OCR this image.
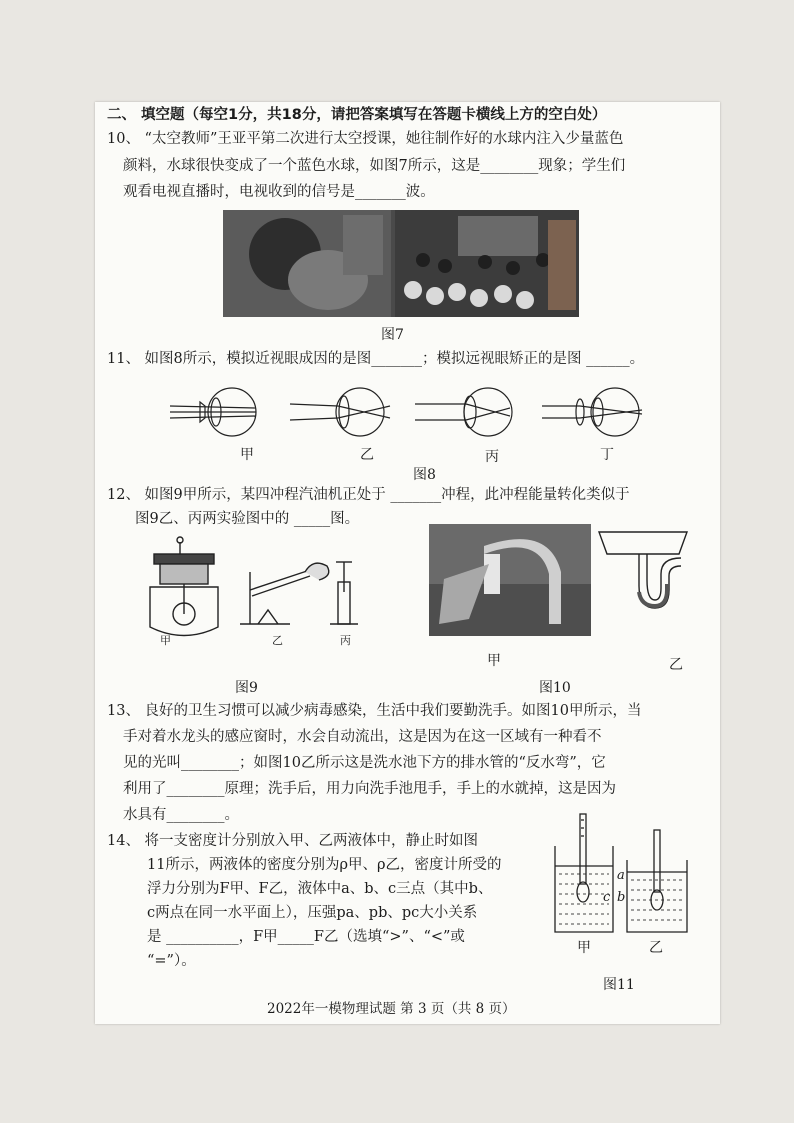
二、 填空题（每空1分，共18分，请把答案填写在答题卡横线上方的空白处）
10、 “太空教师”王亚平第二次进行太空授课，她往制作好的水球内注入少量蓝色
颜料，水球很快变成了一个蓝色水球，如图7所示，这是________现象；学生们
观看电视直播时，电视收到的信号是_______波。
图7
11、 如图8所示，模拟近视眼成因的是图_______；模拟远视眼矫正的是图 ______。
甲	乙	丙	丁
图8
12、 如图9甲所示，某四冲程汽油机正处于 _______冲程，此冲程能量转化类似于
图9乙、丙两实验图中的 _____图。
甲	乙	丙
图9
甲	乙
图10
13、 良好的卫生习惯可以减少病毒感染，生活中我们要勤洗手。如图10甲所示，当
手对着水龙头的感应窗时，水会自动流出，这是因为在这一区域有一种看不
见的光叫________；如图10乙所示这是洗水池下方的排水管的“反水弯”，它
利用了________原理；洗手后，用力向洗手池甩手，手上的水就掉，这是因为
水具有________。
14、 将一支密度计分别放入甲、乙两液体中，静止时如图
11所示，两液体的密度分别为ρ甲、ρ乙，密度计所受的
浮力分别为F甲、F乙，液体中a、b、c三点（其中b、
c两点在同一水平面上），压强pa、pb、pc大小关系
是 __________，F甲_____F乙（选填“>”、“<”或
“=”）。
a
c b
甲	乙
图11
2022年一模物理试题 第 3 页（共 8 页）
